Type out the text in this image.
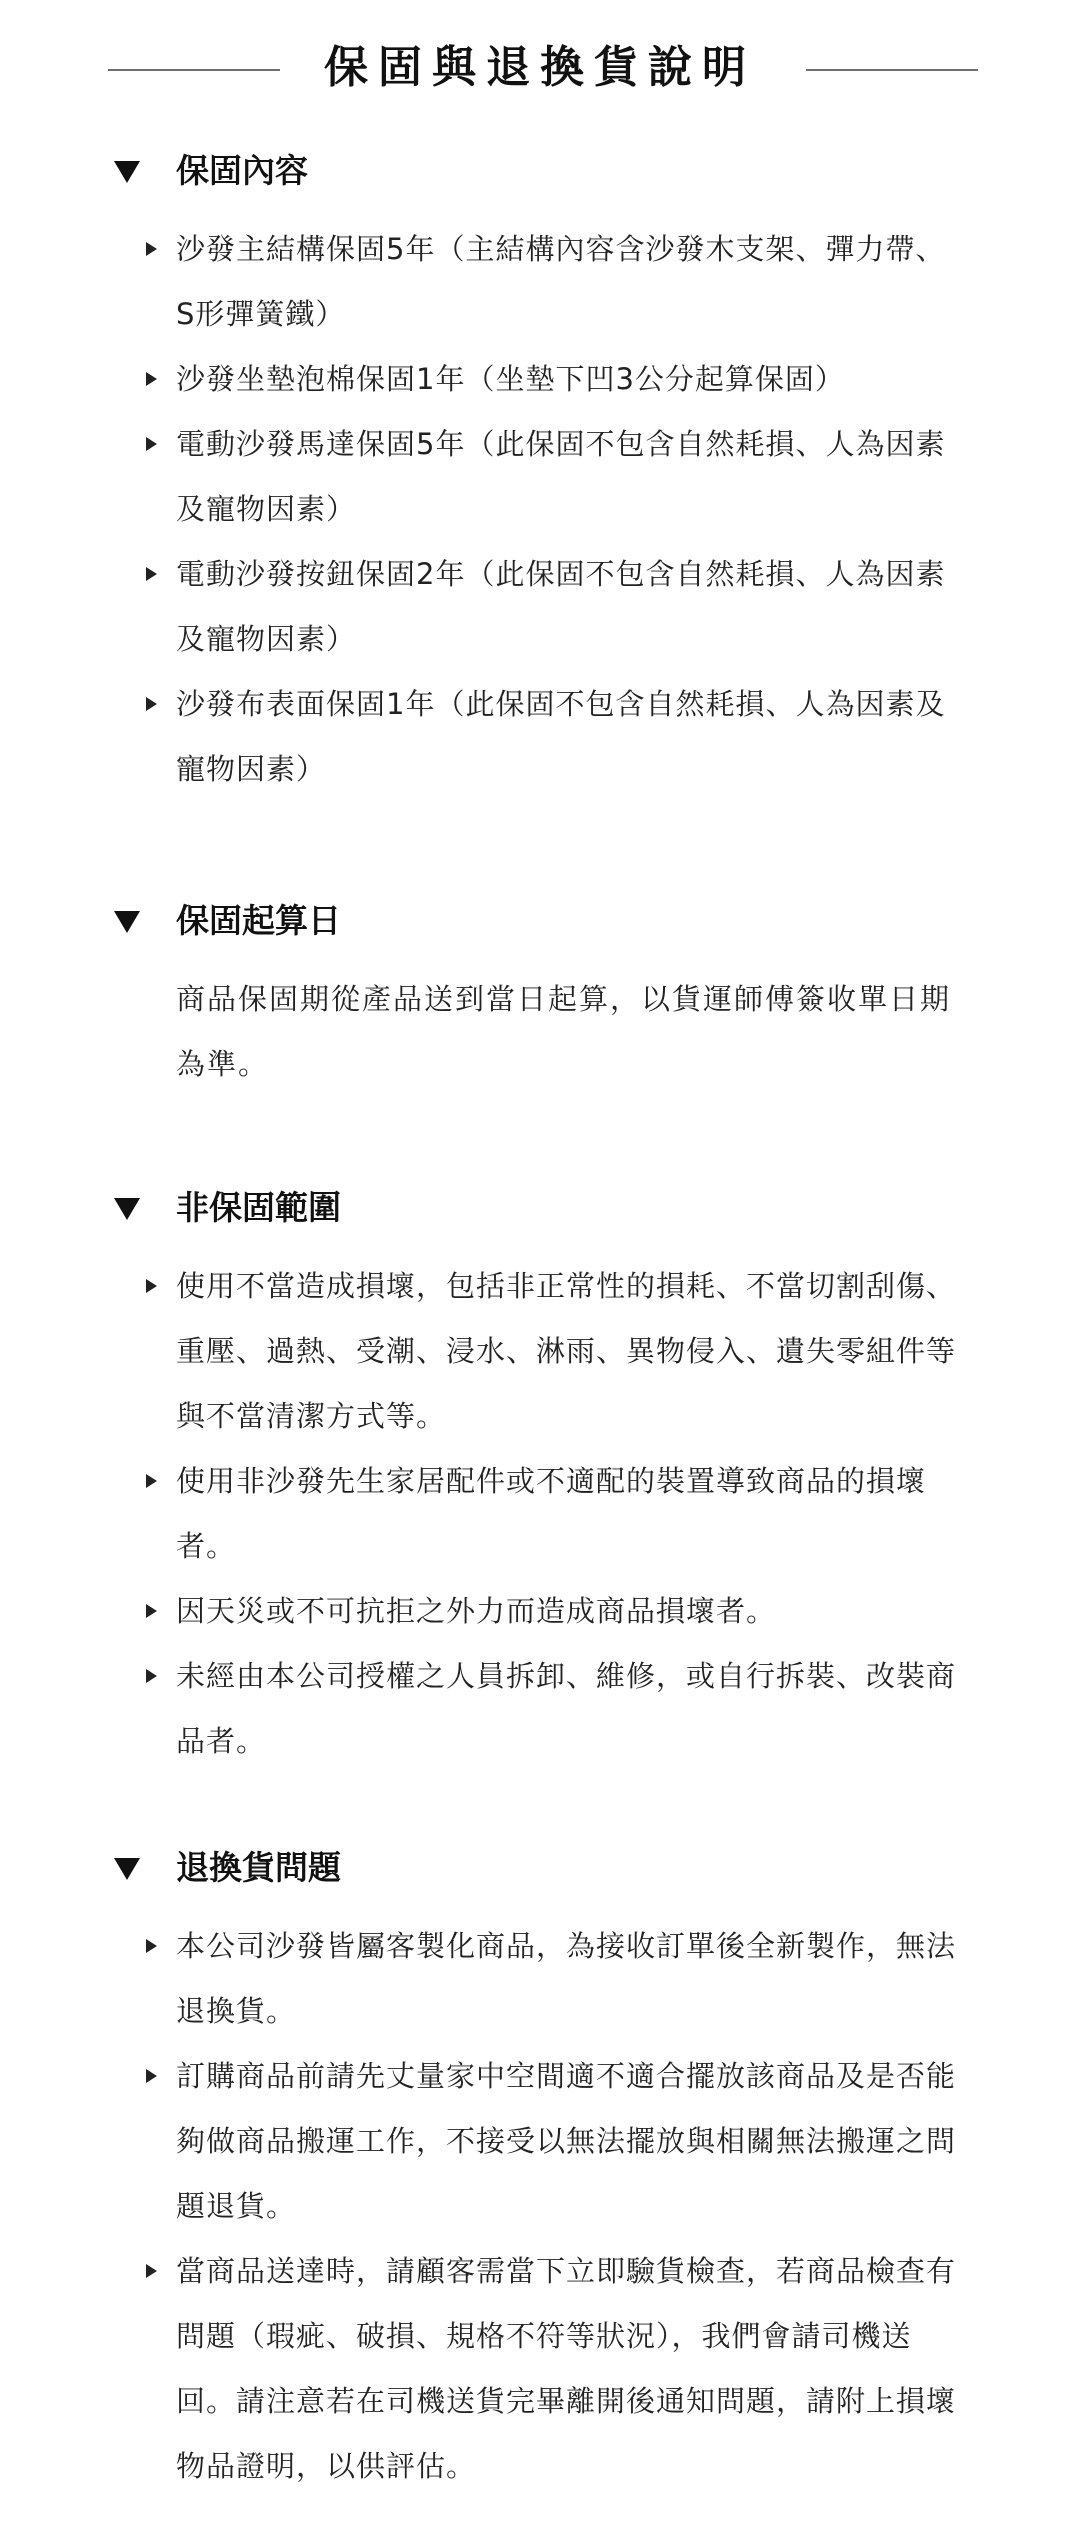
保固與退換貨說明
保固內容
沙發主結構保固5年（主結構內容含沙發木支架、彈力帶、S形彈簧鐵）
沙發坐墊泡棉保固1年（坐墊下凹3公分起算保固）
電動沙發馬達保固5年（此保固不包含自然耗損、人為因素及寵物因素）
電動沙發按鈕保固2年（此保固不包含自然耗損、人為因素及寵物因素）
沙發布表面保固1年（此保固不包含自然耗損、人為因素及寵物因素）
保固起算日
商品保固期從產品送到當日起算，以貨運師傅簽收單日期為準。
非保固範圍
使用不當造成損壞，包括非正常性的損耗、不當切割刮傷、重壓、過熱、受潮、浸水、淋雨、異物侵入、遺失零組件等與不當清潔方式等。
使用非沙發先生家居配件或不適配的裝置導致商品的損壞者。
因天災或不可抗拒之外力而造成商品損壞者。
未經由本公司授權之人員拆卸、維修，或自行拆裝、改裝商品者。
退換貨問題
本公司沙發皆屬客製化商品，為接收訂單後全新製作，無法退換貨。
訂購商品前請先丈量家中空間適不適合擺放該商品及是否能夠做商品搬運工作，不接受以無法擺放與相關無法搬運之問題退貨。
當商品送達時，請顧客需當下立即驗貨檢查，若商品檢查有問題（瑕疵、破損、規格不符等狀況），我們會請司機送回。請注意若在司機送貨完畢離開後通知問題，請附上損壞物品證明，以供評估。
